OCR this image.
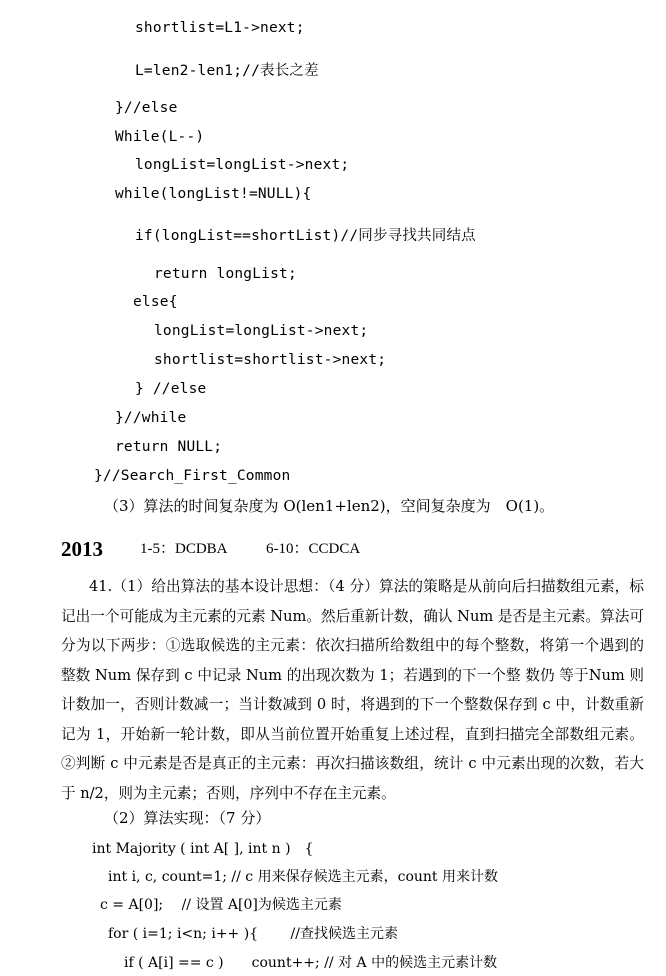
shortlist=L1->next;
L=len2-len1;//表长之差
}//else
While(L--)
longList=longList->next;
while(longList!=NULL){
if(longList==shortList)//同步寻找共同结点
return longList;
else{
longList=longList->next;
shortlist=shortlist->next;
} //else
}//while
return NULL;
}//Search_First_Common
（3）算法的时间复杂度为 O(len1+len2)，空间复杂度为　O(1)。
2013 1-5：DCDBA	6-10：CCDCA
41.（1）给出算法的基本设计思想：（4 分）算法的策略是从前向后扫描数组元素，标记出一个可能成为主元素的元素 Num。然后重新计数，确认 Num 是否是主元素。算法可分为以下两步：①选取候选的主元素：依次扫描所给数组中的每个整数，将第一个遇到的整数 Num 保存到 c 中记录 Num 的出现次数为 1；若遇到的下一个整 数仍 等于Num 则计数加一，否则计数减一；当计数减到 0 时，将遇到的下一个整数保存到 c 中，计数重新记为 1，开始新一轮计数，即从当前位置开始重复上述过程，直到扫描完全部数组元素。②判断 c 中元素是否是真正的主元素：再次扫描该数组，统计 c 中元素出现的次数，若大于 n/2，则为主元素；否则，序列中不存在主元素。
（2）算法实现：（7 分）
int Majority ( int A[ ], int n )　{
int i, c, count=1; // c 用来保存候选主元素，count 用来计数
c = A[0];　 // 设置 A[0]为候选主元素
for ( i=1; i<n; i++ ){　　 //查找候选主元素
if ( A[i] == c )　　count++; // 对 A 中的候选主元素计数
